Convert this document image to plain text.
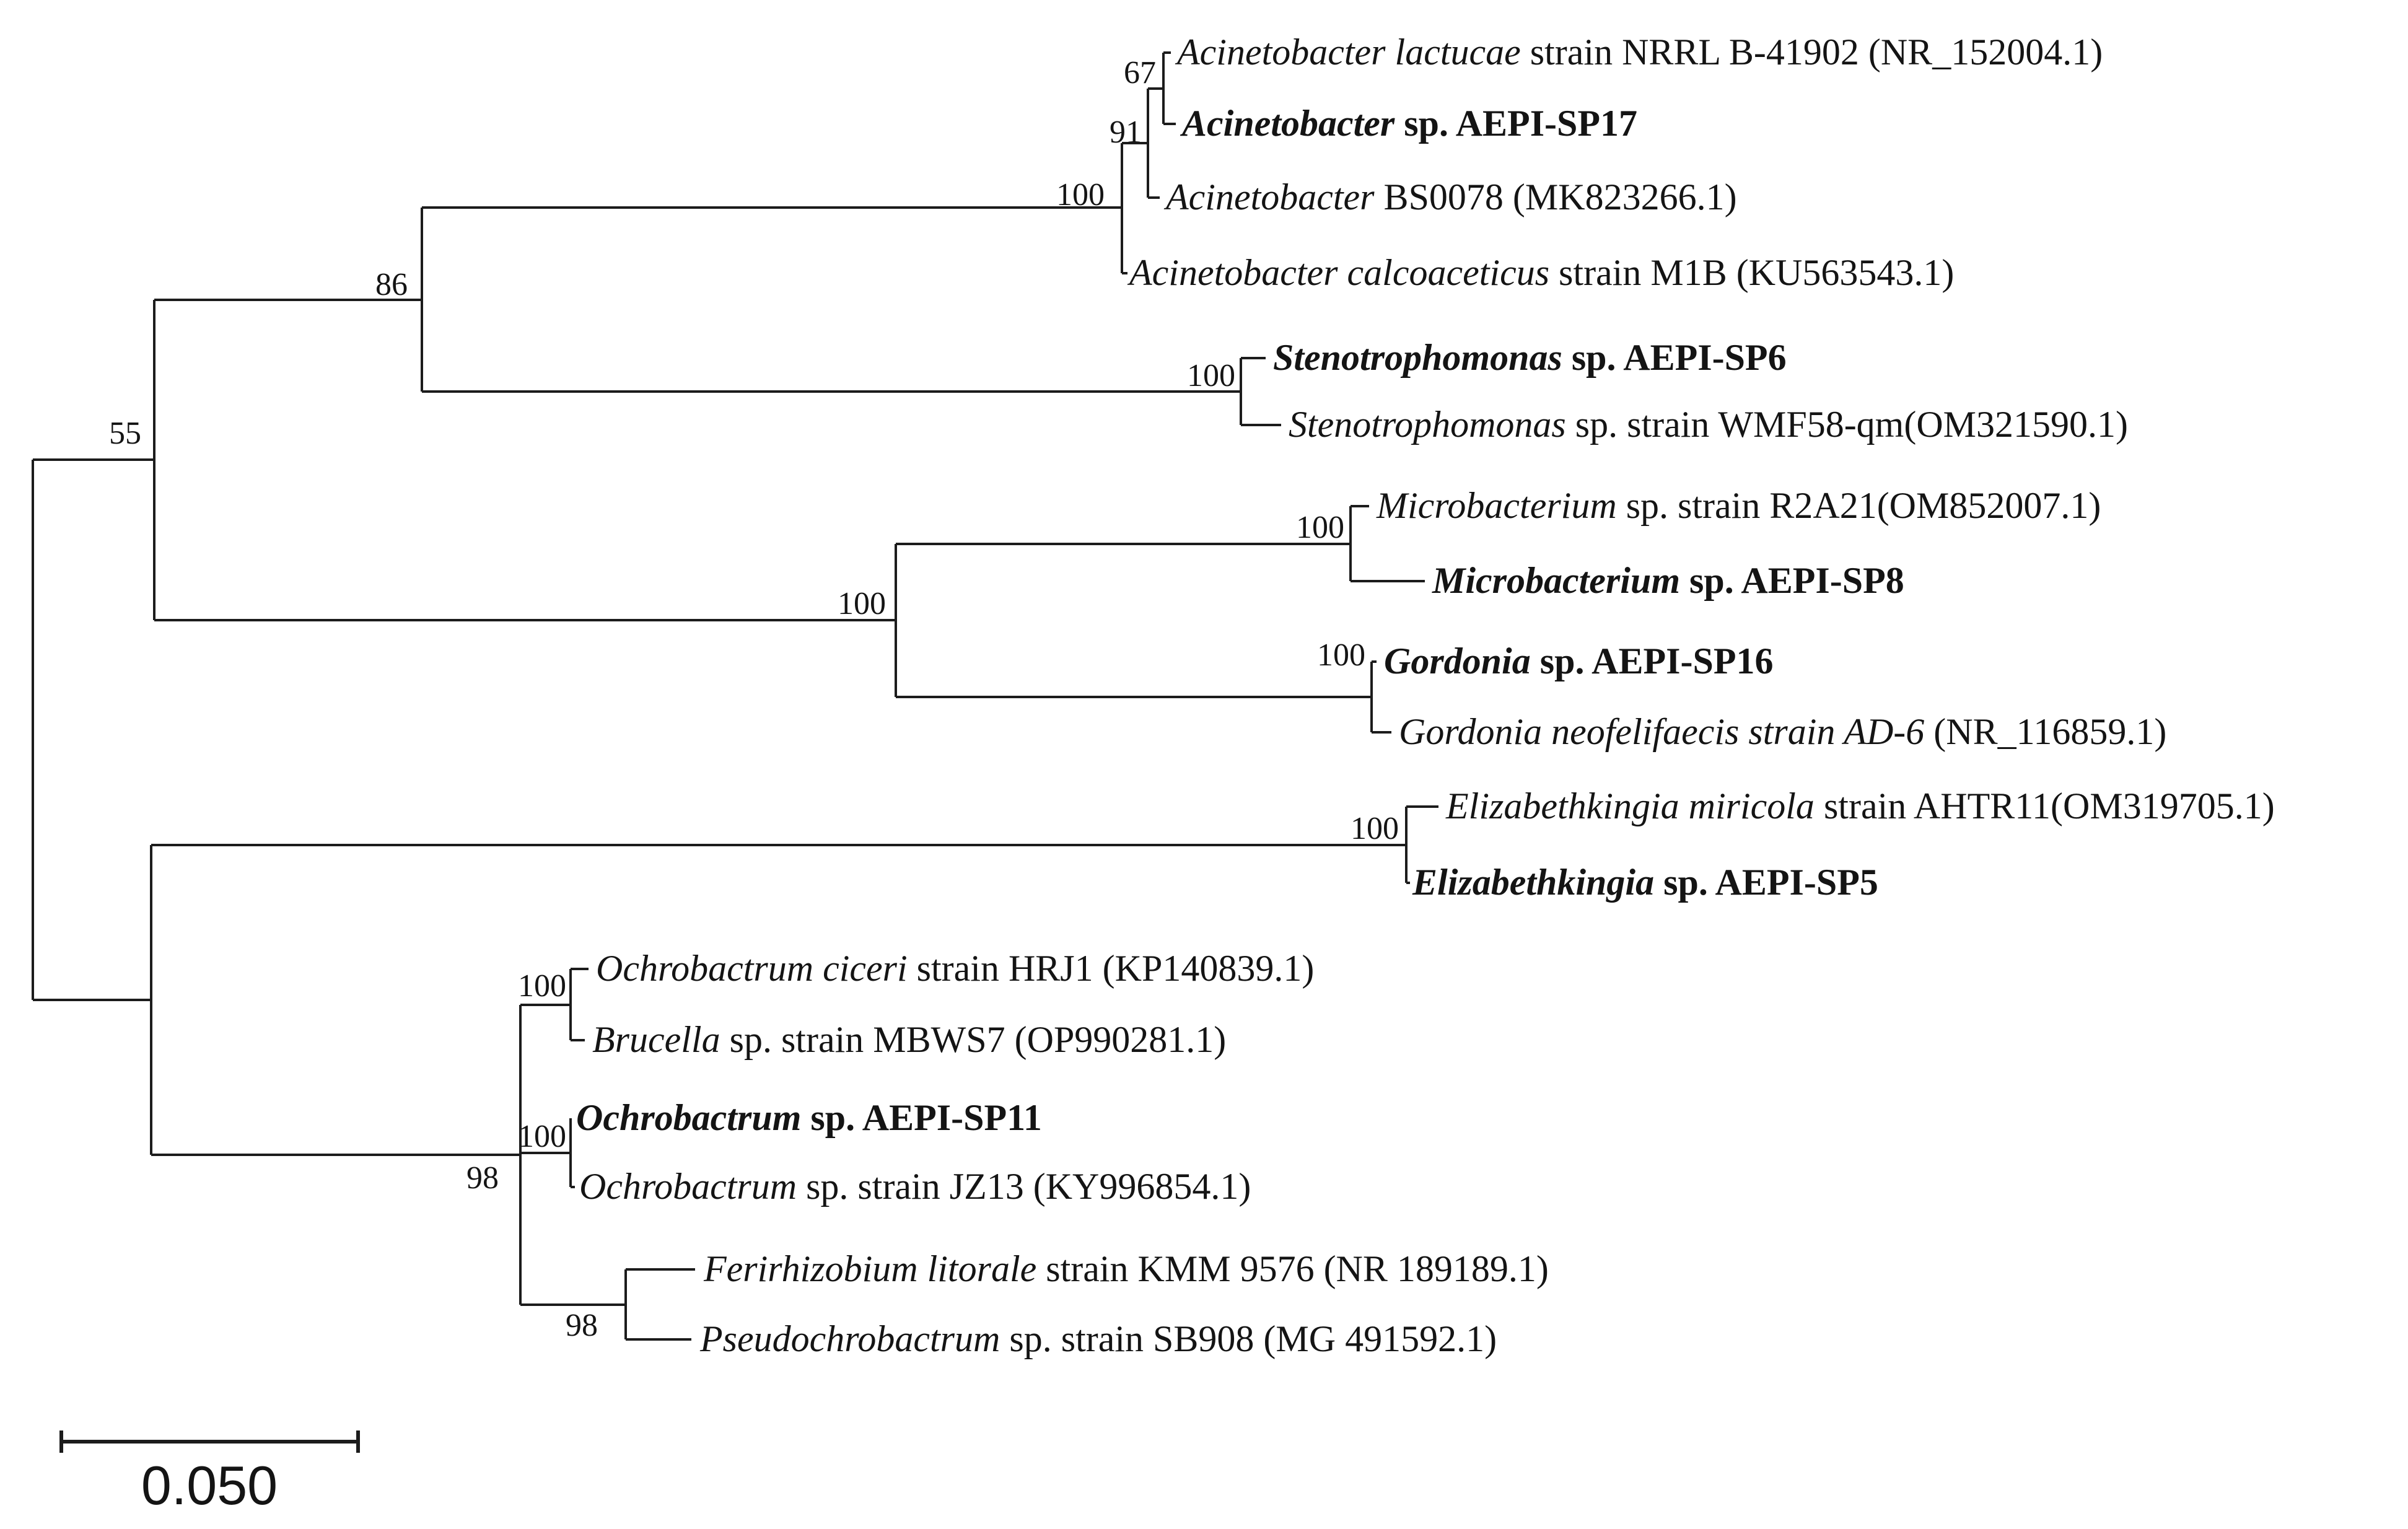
Acinetobacter lactucae strain NRRL B-41902 (NR_152004.1)
Acinetobacter sp. AEPI-SP17
Acinetobacter BS0078 (MK823266.1)
Acinetobacter calcoaceticus strain M1B (KU563543.1)
Stenotrophomonas sp. AEPI-SP6
Stenotrophomonas sp. strain WMF58-qm(OM321590.1)
Microbacterium sp. strain R2A21(OM852007.1)
Microbacterium sp. AEPI-SP8
Gordonia sp. AEPI-SP16
Gordonia neofelifaecis strain AD-6 (NR_116859.1)
Elizabethkingia miricola strain AHTR11(OM319705.1)
Elizabethkingia sp. AEPI-SP5
Ochrobactrum ciceri strain HRJ1 (KP140839.1)
Brucella sp. strain MBWS7 (OP990281.1)
Ochrobactrum sp. AEPI-SP11
Ochrobactrum sp. strain JZ13 (KY996854.1)
Ferirhizobium litorale strain KMM 9576 (NR 189189.1)
Pseudochrobactrum sp. strain SB908 (MG 491592.1)
67
91
100
86
55
100
100
100
100
100
100
100
98
98
0.050
